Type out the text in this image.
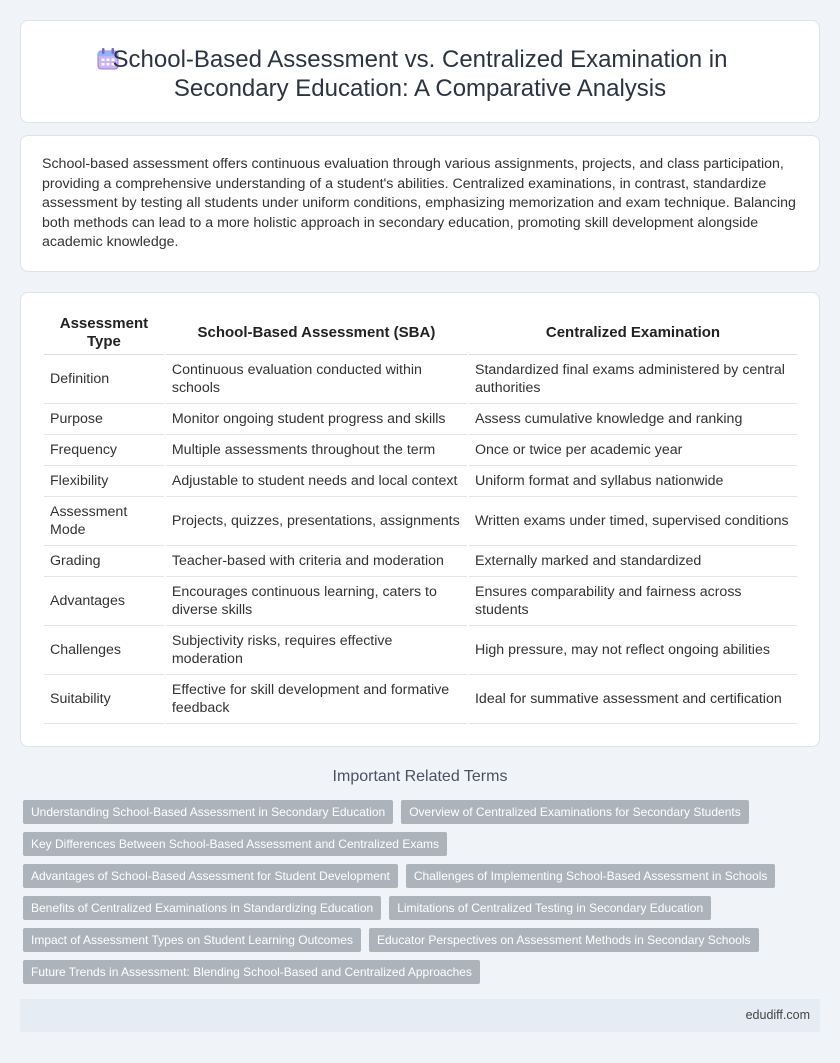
School-Based Assessment vs. Centralized Examination in Secondary Education: A Comparative Analysis

School-based assessment offers continuous evaluation through various assignments, projects, and class participation, providing a comprehensive understanding of a student's abilities. Centralized examinations, in contrast, standardize assessment by testing all students under uniform conditions, emphasizing memorization and exam technique. Balancing both methods can lead to a more holistic approach in secondary education, promoting skill development alongside academic knowledge.

Assessment Type	School-Based Assessment (SBA)	Centralized Examination
Definition	Continuous evaluation conducted within schools	Standardized final exams administered by central authorities
Purpose	Monitor ongoing student progress and skills	Assess cumulative knowledge and ranking
Frequency	Multiple assessments throughout the term	Once or twice per academic year
Flexibility	Adjustable to student needs and local context	Uniform format and syllabus nationwide
Assessment Mode	Projects, quizzes, presentations, assignments	Written exams under timed, supervised conditions
Grading	Teacher-based with criteria and moderation	Externally marked and standardized
Advantages	Encourages continuous learning, caters to diverse skills	Ensures comparability and fairness across students
Challenges	Subjectivity risks, requires effective moderation	High pressure, may not reflect ongoing abilities
Suitability	Effective for skill development and formative feedback	Ideal for summative assessment and certification
Important Related Terms
Understanding School-Based Assessment in Secondary Education	Overview of Centralized Examinations for Secondary Students
Key Differences Between School-Based Assessment and Centralized Exams
Advantages of School-Based Assessment for Student Development	Challenges of Implementing School-Based Assessment in Schools
Benefits of Centralized Examinations in Standardizing Education	Limitations of Centralized Testing in Secondary Education
Impact of Assessment Types on Student Learning Outcomes	Educator Perspectives on Assessment Methods in Secondary Schools
Future Trends in Assessment: Blending School-Based and Centralized Approaches
edudiff.com
